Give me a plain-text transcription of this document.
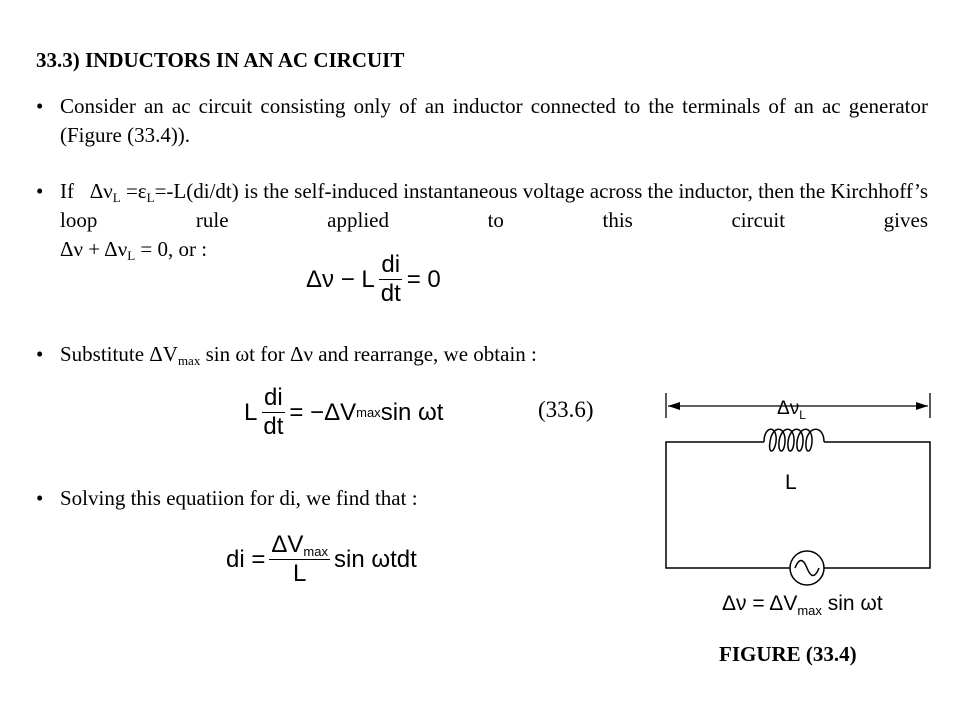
33.3) INDUCTORS IN AN AC CIRCUIT
• Consider an ac circuit consisting only of an inductor connected to the terminals of an ac generator (Figure (33.4)).
• If   $\Delta\nu_L =\varepsilon_L=-L(di/dt)$ is the self-induced instantaneous voltage across the inductor, then the Kirchhoff’s loop rule applied to this circuit gives
$\Delta\nu + \Delta\nu_L = 0$, or :
Δν − L $\frac{di}{dt} = 0$
• Substitute $\Delta V_{max}$ sin ωt for Δν and rearrange, we obtain :
L $\frac{di}{dt} = -\Delta V$ max sin ωt	(33.6)
• Solving this equatiion for di, we find that :
di = $\frac{\Delta V_{max}}{L}$ sin ωtdt
$\Delta\nu_L$
L
$\Delta\nu = \Delta V_{max}$ sin ωt
FIGURE (33.4)
